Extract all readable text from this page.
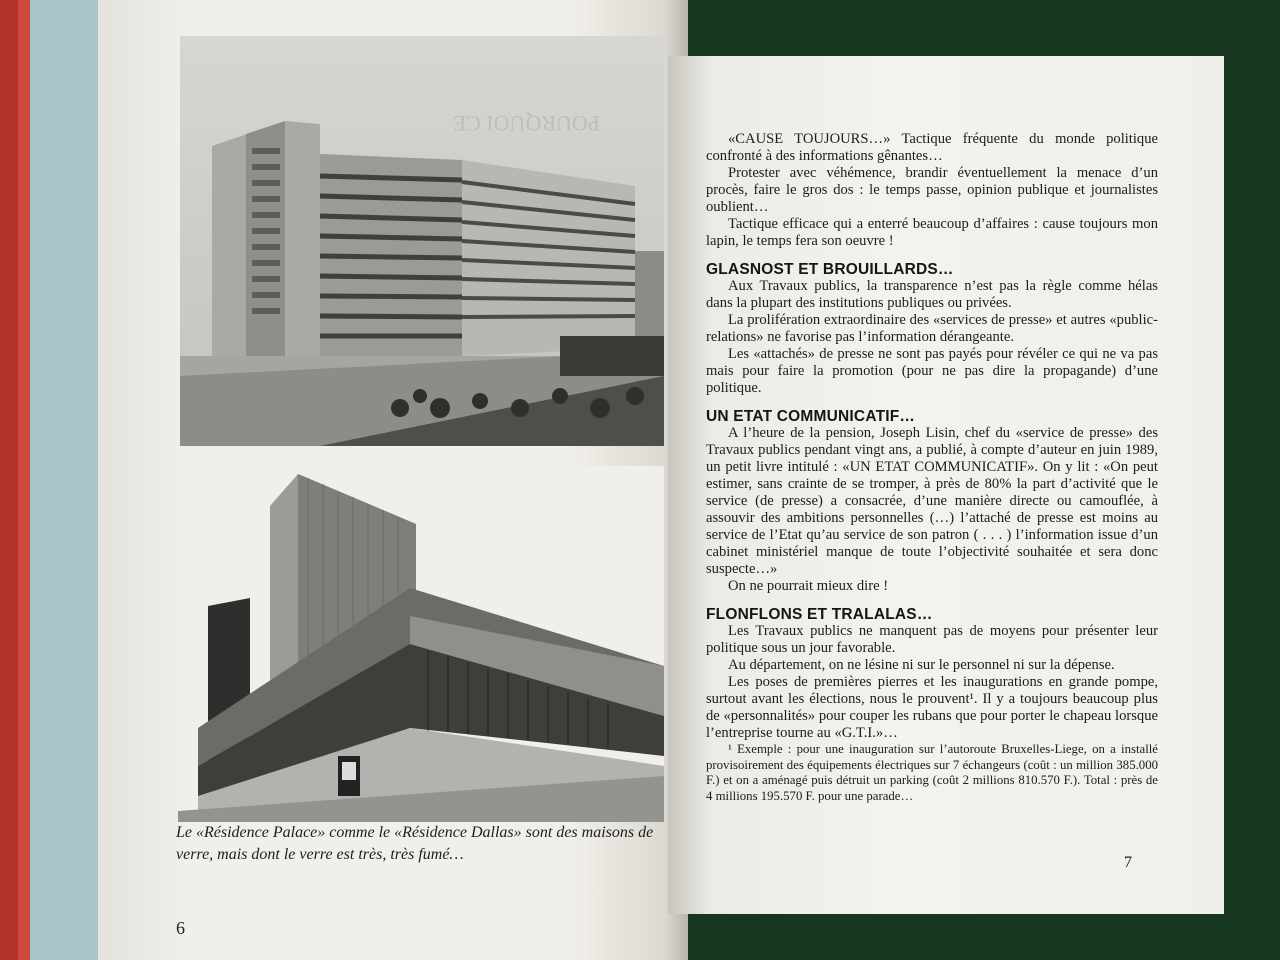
POURQUOI CE
Le «Résidence Palace» comme le «Résidence Dallas» sont des maisons de verre, mais dont le verre est très, très fumé…
6

«CAUSE TOUJOURS…» Tactique fréquente du monde politique confronté à des informations gênantes…

Protester avec véhémence, brandir éventuellement la menace d’un procès, faire le gros dos : le temps passe, opinion publique et journalistes oublient…

Tactique efficace qui a enterré beaucoup d’affaires : cause toujours mon lapin, le temps fera son oeuvre !

GLASNOST ET BROUILLARDS…

Aux Travaux publics, la transparence n’est pas la règle comme hélas dans la plupart des institutions publiques ou privées.

La prolifération extraordinaire des «services de presse» et autres «public-relations» ne favorise pas l’information dérangeante.

Les «attachés» de presse ne sont pas payés pour révéler ce qui ne va pas mais pour faire la promotion (pour ne pas dire la propagande) d’une politique.

UN ETAT COMMUNICATIF…

A l’heure de la pension, Joseph Lisin, chef du «service de presse» des Travaux publics pendant vingt ans, a publié, à compte d’auteur en juin 1989, un petit livre intitulé : «UN ETAT COMMUNICATIF». On y lit : «On peut estimer, sans crainte de se tromper, à près de 80% la part d’activité que le service (de presse) a consacrée, d’une manière directe ou camouflée, à assouvir des ambitions personnelles (…) l’attaché de presse est moins au service de l’Etat qu’au service de son patron ( . . . ) l’information issue d’un cabinet ministériel manque de toute l’objectivité souhaitée et sera donc suspecte…»

On ne pourrait mieux dire !

FLONFLONS ET TRALALAS…

Les Travaux publics ne manquent pas de moyens pour présenter leur politique sous un jour favorable.

Au département, on ne lésine ni sur le personnel ni sur la dépense.

Les poses de premières pierres et les inaugurations en grande pompe, surtout avant les élections, nous le prouvent¹. Il y a toujours beaucoup plus de «personnalités» pour couper les rubans que pour porter le chapeau lorsque l’entreprise tourne au «G.T.I.»…

¹ Exemple : pour une inauguration sur l’autoroute Bruxelles-Liege, on a installé provisoirement des équipements électriques sur 7 échangeurs (coût : un million 385.000 F.) et on a aménagé puis détruit un parking (coût 2 millions 810.570 F.). Total : près de 4 millions 195.570 F. pour une parade…

7
